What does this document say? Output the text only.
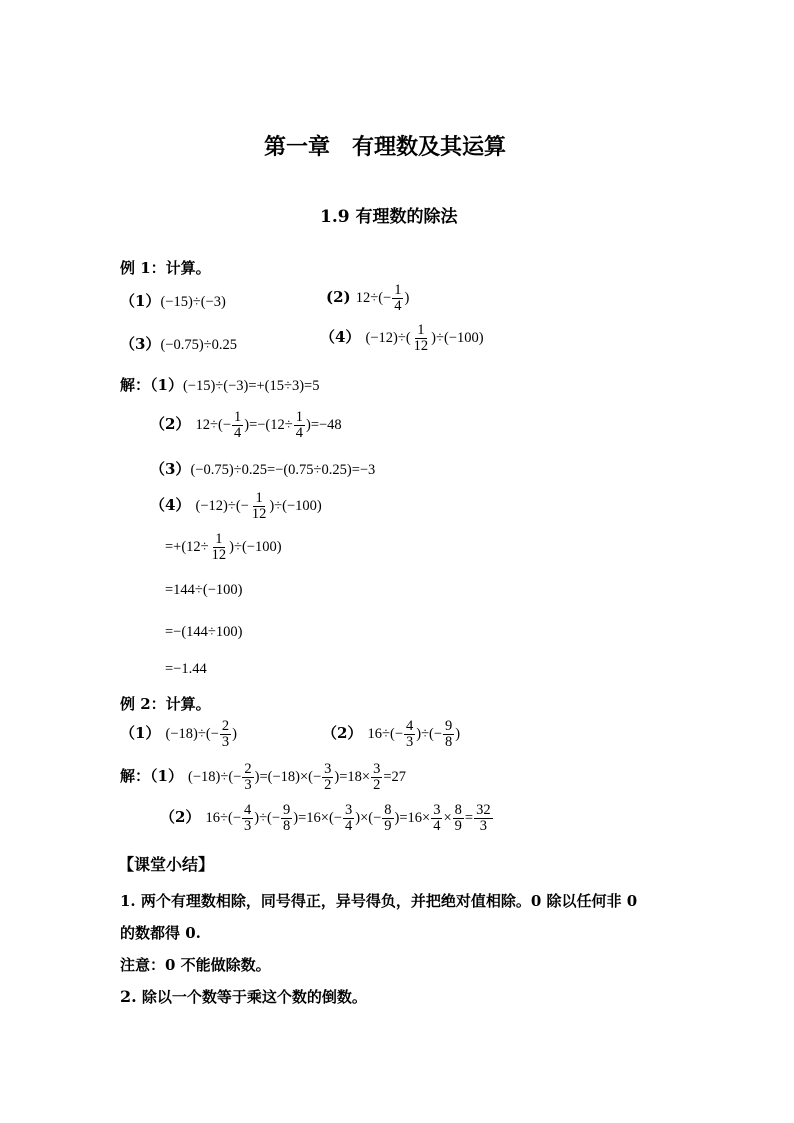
第一章　有理数及其运算
1.9 有理数的除法
例 1：计算。
（1）(−15)÷(−3)	(2) $12\div(- \frac{1}{4}$ )
（3）(−0.75)÷0.25	（4） $(-12)\div( \frac{1}{12} )\div(-100)$
解：（1）(−15)÷(−3)=+(15÷3)=5
（2） $12\div(- \frac{1}{4} )=-(12\div \frac{1}{4} )=-48$
（3）(−0.75)÷0.25=−(0.75÷0.25)=−3
（4） $(-12)\div(- \frac{1}{12} )\div(-100)$
$=+(12\div \frac{1}{12} )\div(-100)$
=144÷(−100)
=−(144÷100)
=−1.44
例 2：计算。
（1） $(-18)\div(- \frac{2}{3}$ )	（2） $16\div(- \frac{4}{3}$ )÷(− $\frac{9}{8}$ )
解：（1） $(-18)\div(- \frac{2}{3} )=(-18)\times(- \frac{3}{2} )=18\times \frac{3}{2} =27$
（2） $16\div(- \frac{4}{3}$ )÷(− $\frac{9}{8} )=16\times(- \frac{3}{4}$ )×(− $\frac{8}{9} )=16\times \frac{3}{4} \times \frac{8}{9} = \frac{32}{3}$
【课堂小结】
1. 两个有理数相除，同号得正，异号得负，并把绝对值相除。0 除以任何非 0
的数都得 0.
注意：0 不能做除数。
2. 除以一个数等于乘这个数的倒数。
